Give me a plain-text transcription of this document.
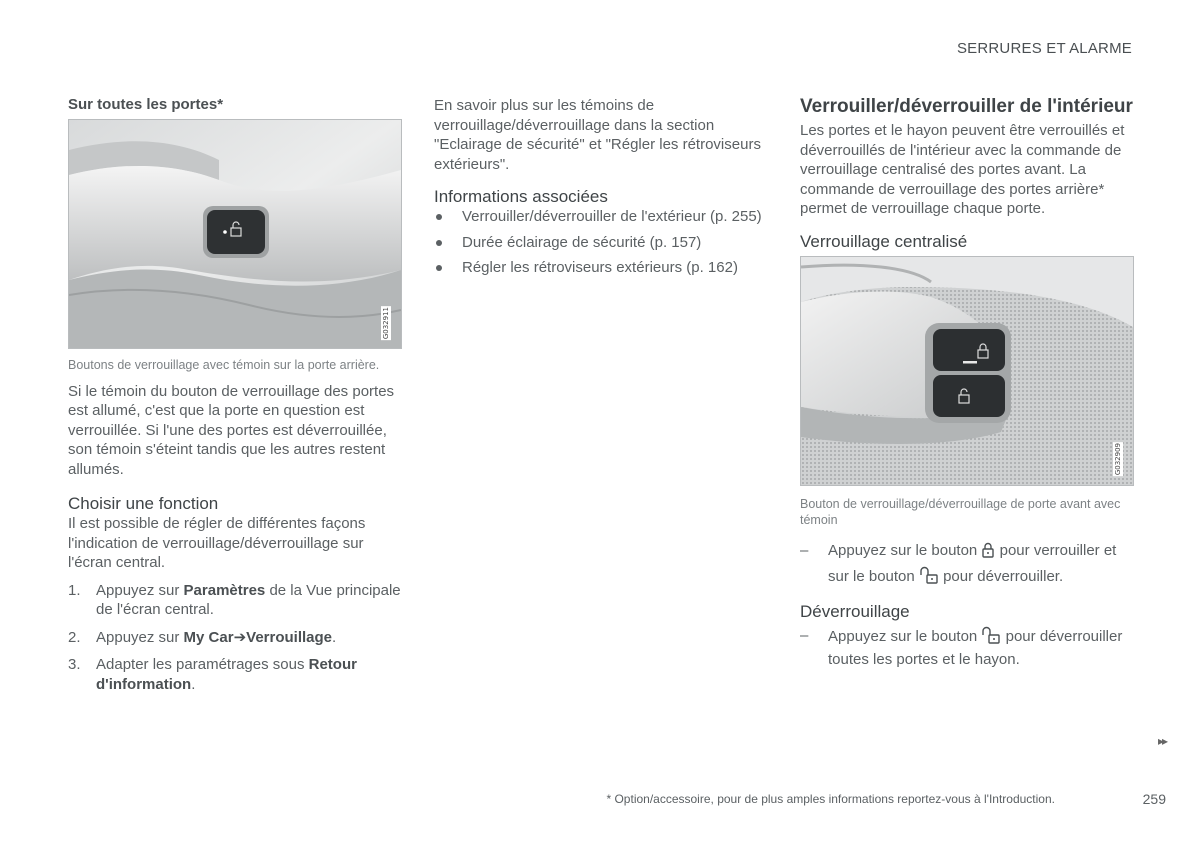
SERRURES ET ALARME

Sur toutes les portes*

G032911

Boutons de verrouillage avec témoin sur la porte arrière.

Si le témoin du bouton de verrouillage des portes est allumé, c'est que la porte en question est verrouillée. Si l'une des portes est déverrouillée, son témoin s'éteint tandis que les autres restent allumés.

Choisir une fonction

Il est possible de régler de différentes façons l'indication de verrouillage/déverrouillage sur l'écran central.

1. Appuyez sur Paramètres de la Vue principale de l'écran central.
2. Appuyez sur My Car➔Verrouillage.
3. Adapter les paramétrages sous Retour d'information.

En savoir plus sur les témoins de verrouillage/déverrouillage dans la section "Eclairage de sécurité" et "Régler les rétroviseurs extérieurs".

Informations associées

Verrouiller/déverrouiller de l'extérieur (p. 255)
Durée éclairage de sécurité (p. 157)
Régler les rétroviseurs extérieurs (p. 162)

Verrouiller/déverrouiller de l'intérieur

Les portes et le hayon peuvent être verrouillés et déverrouillés de l'intérieur avec la commande de verrouillage centralisé des portes avant. La commande de verrouillage des portes arrière* permet de verrouillage chaque porte.

Verrouillage centralisé

G032909

Bouton de verrouillage/déverrouillage de porte avant avec témoin

– Appuyez sur le bouton pour verrouiller et sur le bouton pour déverrouiller.

Déverrouillage

– Appuyez sur le bouton pour déverrouiller toutes les portes et le hayon.
▸▸
* Option/accessoire, pour de plus amples informations reportez-vous à l'Introduction.	259
